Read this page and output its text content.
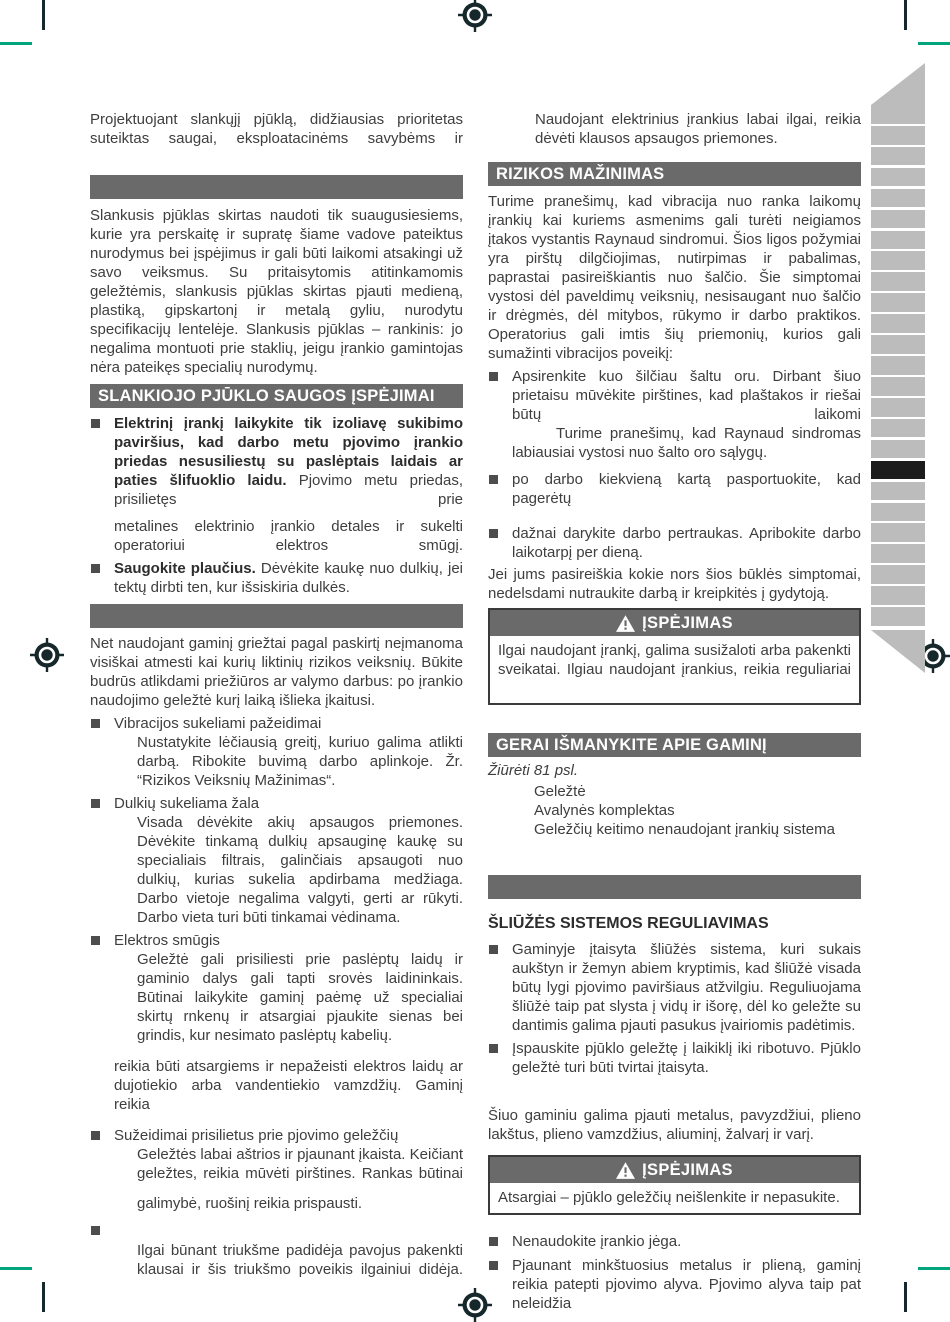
Projektuojant slankųjį pjūklą, didžiausias prioritetas suteiktas saugai, eksploatacinėms savybėms ir
Slankusis pjūklas skirtas naudoti tik suaugusiesiems, kurie yra perskaitę ir supratę šiame vadove pateiktus nurodymus bei įspėjimus ir gali būti laikomi atsakingi už savo veiksmus. Su pritaisytomis atitinkamomis geležtėmis, slankusis pjūklas skirtas pjauti medieną, plastiką, gipskartonį ir metalą gyliu, nurodytu specifikacijų lentelėje. Slankusis pjūklas – rankinis: jo negalima montuoti prie staklių, jeigu įrankio gamintojas nėra pateikęs specialių nurodymų.
SLANKIOJO PJŪKLO SAUGOS ĮSPĖJIMAI
Elektrinį įrankį laikykite tik izoliavę sukibimo paviršius, kad darbo metu pjovimo įrankio priedas nesusiliestų su paslėptais laidais ar paties šlifuoklio laidu. Pjovimo metu priedas, prisilietęs prie
metalines elektrinio įrankio detales ir sukelti operatoriui elektros smūgį.
Saugokite plaučius. Dėvėkite kaukę nuo dulkių, jei tektų dirbti ten, kur išsiskiria dulkės.
Net naudojant gaminį griežtai pagal paskirtį neįmanoma visiškai atmesti kai kurių liktinių rizikos veiksnių. Būkite budrūs atlikdami priežiūros ar valymo darbus: po įrankio naudojimo geležtė kurį laiką išlieka įkaitusi.
Vibracijos sukeliami pažeidimai
Nustatykite lėčiausią greitį, kuriuo galima atlikti darbą. Ribokite buvimą darbo aplinkoje. Žr. “Rizikos Veiksnių Mažinimas“.
Dulkių sukeliama žala
Visada dėvėkite akių apsaugos priemones. Dėvėkite tinkamą dulkių apsauginę kaukę su specialiais filtrais, galinčiais apsaugoti nuo dulkių, kurias sukelia apdirbama medžiaga. Darbo vietoje negalima valgyti, gerti ar rūkyti. Darbo vieta turi būti tinkamai vėdinama.
Elektros smūgis
Geležtė gali prisiliesti prie paslėptų laidų ir gaminio dalys gali tapti srovės laidininkais. Būtinai laikykite gaminį paėmę už specialiai skirtų rnkenų ir atsargiai pjaukite sienas bei grindis, kur nesimato paslėptų kabelių.
reikia būti atsargiems ir nepažeisti elektros laidų ar dujotiekio arba vandentiekio vamzdžių. Gaminį reikia
Sužeidimai prisilietus prie pjovimo geležčių
Geležtės labai aštrios ir pjaunant įkaista. Keičiant geležtes, reikia mūvėti pirštines. Rankas būtinai
galimybė, ruošinį reikia prispausti.
Ilgai būnant triukšme padidėja pavojus pakenkti klausai ir šis triukšmo poveikis ilgainiui didėja.
Naudojant elektrinius įrankius labai ilgai, reikia dėvėti klausos apsaugos priemones.
RIZIKOS MAŽINIMAS
Turime pranešimų, kad vibracija nuo ranka laikomų įrankių kai kuriems asmenims gali turėti neigiamos įtakos vystantis Raynaud sindromui. Šios ligos požymiai yra pirštų dilgčiojimas, nutirpimas ir pabalimas, paprastai pasireiškiantis nuo šalčio. Šie simptomai vystosi dėl paveldimų veiksnių, nesisaugant nuo šalčio ir drėgmės, dėl mitybos, rūkymo ir darbo praktikos. Operatorius gali imtis šių priemonių, kurios gali sumažinti vibracijos poveikį:
Apsirenkite kuo šilčiau šaltu oru. Dirbant šiuo prietaisu mūvėkite pirštines, kad plaštakos ir riešai būtų laikomi
Turime pranešimų, kad Raynaud sindromas labiausiai vystosi nuo šalto oro sąlygų.
po darbo kiekvieną kartą pasportuokite, kad pagerėtų
dažnai darykite darbo pertraukas. Apribokite darbo laikotarpį per dieną.
Jei jums pasireiškia kokie nors šios būklės simptomai, nedelsdami nutraukite darbą ir kreipkitės į gydytoją.
ĮSPĖJIMAS
Ilgai naudojant įrankį, galima susižaloti arba pakenkti sveikatai. Ilgiau naudojant įrankius, reikia reguliariai
GERAI IŠMANYKITE APIE GAMINĮ
Žiūrėti 81 psl.
Geležtė
Avalynės komplektas
Geležčių keitimo nenaudojant įrankių sistema
ŠLIŪŽĖS SISTEMOS REGULIAVIMAS
Gaminyje įtaisyta šliūžės sistema, kuri sukais aukštyn ir žemyn abiem kryptimis, kad šliūžė visada būtų lygi pjovimo paviršiaus atžvilgiu. Reguliuojama šliūžė taip pat slysta į vidų ir išorę, dėl ko geležte su dantimis galima pjauti pasukus įvairiomis padėtimis.
Įspauskite pjūklo geležtę į laikiklį iki ribotuvo. Pjūklo geležtė turi būti tvirtai įtaisyta.
Šiuo gaminiu galima pjauti metalus, pavyzdžiui, plieno lakštus, plieno vamzdžius, aliuminį, žalvarį ir varį.
ĮSPĖJIMAS
Atsargiai – pjūklo geležčių neišlenkite ir nepasukite.
Nenaudokite įrankio jėga.
Pjaunant minkštuosius metalus ir plieną, gaminį reikia patepti pjovimo alyva. Pjovimo alyva taip pat neleidžia
